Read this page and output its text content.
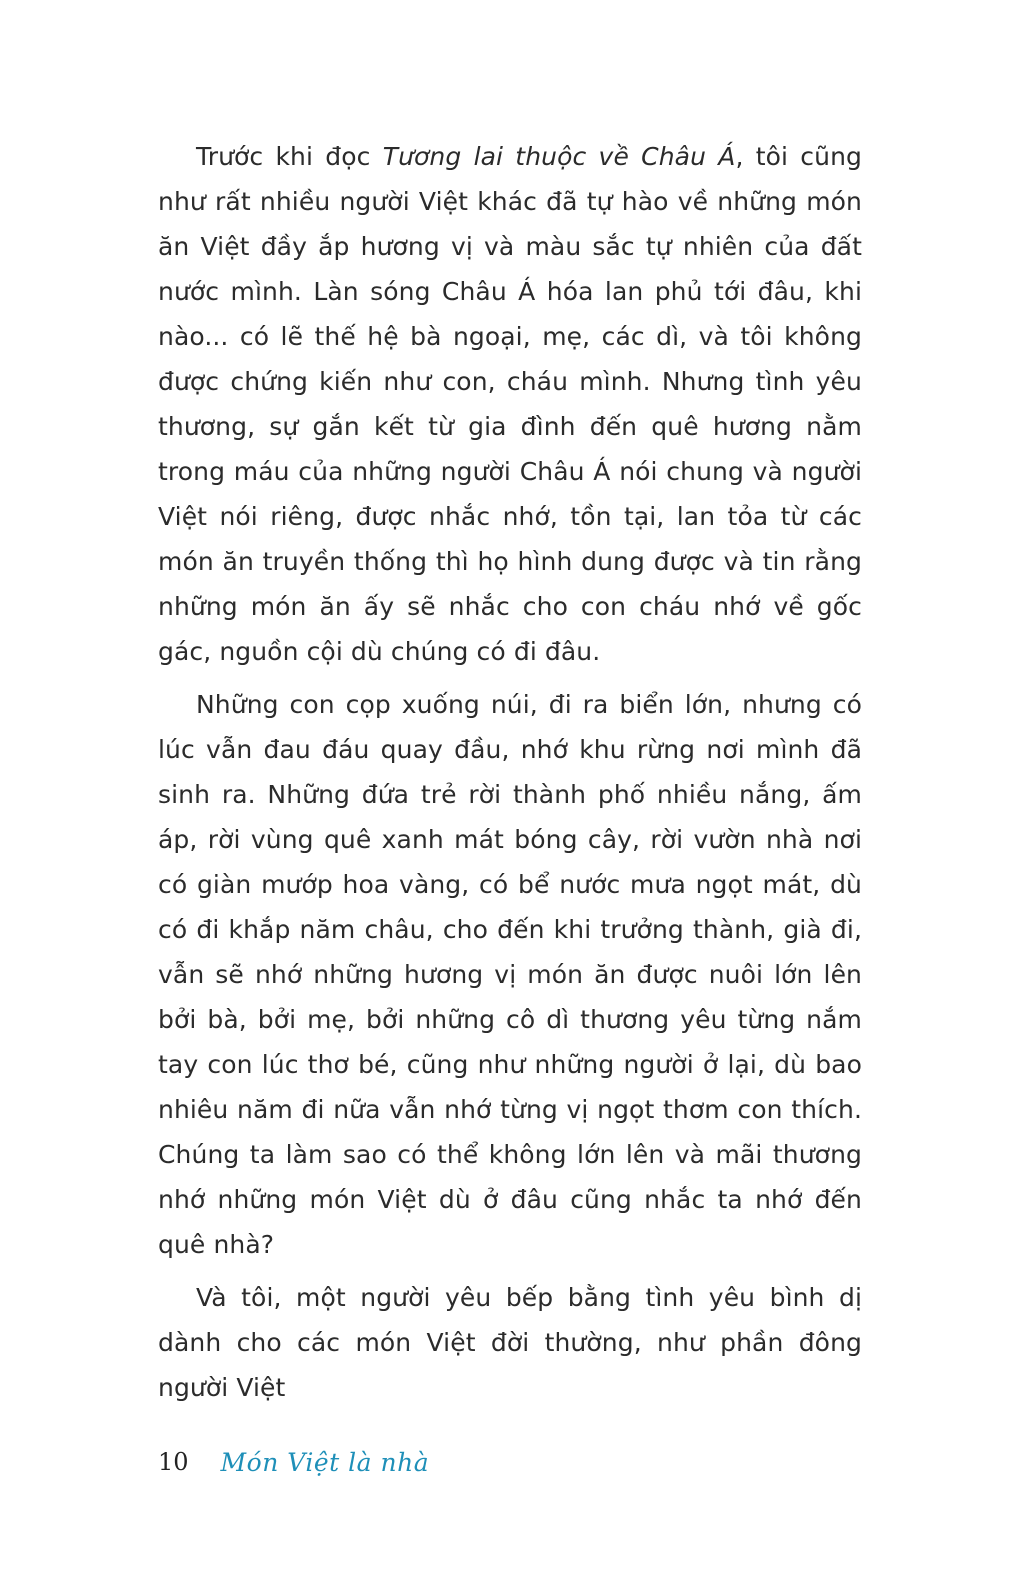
Trước khi đọc Tương lai thuộc về Châu Á, tôi cũng như rất nhiều người Việt khác đã tự hào về những món ăn Việt đầy ắp hương vị và màu sắc tự nhiên của đất nước mình. Làn sóng Châu Á hóa lan phủ tới đâu, khi nào... có lẽ thế hệ bà ngoại, mẹ, các dì, và tôi không được chứng kiến như con, cháu mình. Nhưng tình yêu thương, sự gắn kết từ gia đình đến quê hương nằm trong máu của những người Châu Á nói chung và người Việt nói riêng, được nhắc nhớ, tồn tại, lan tỏa từ các món ăn truyền thống thì họ hình dung được và tin rằng những món ăn ấy sẽ nhắc cho con cháu nhớ về gốc gác, nguồn cội dù chúng có đi đâu.

Những con cọp xuống núi, đi ra biển lớn, nhưng có lúc vẫn đau đáu quay đầu, nhớ khu rừng nơi mình đã sinh ra. Những đứa trẻ rời thành phố nhiều nắng, ấm áp, rời vùng quê xanh mát bóng cây, rời vườn nhà nơi có giàn mướp hoa vàng, có bể nước mưa ngọt mát, dù có đi khắp năm châu, cho đến khi trưởng thành, già đi, vẫn sẽ nhớ những hương vị món ăn được nuôi lớn lên bởi bà, bởi mẹ, bởi những cô dì thương yêu từng nắm tay con lúc thơ bé, cũng như những người ở lại, dù bao nhiêu năm đi nữa vẫn nhớ từng vị ngọt thơm con thích. Chúng ta làm sao có thể không lớn lên và mãi thương nhớ những món Việt dù ở đâu cũng nhắc ta nhớ đến quê nhà?

Và tôi, một người yêu bếp bằng tình yêu bình dị dành cho các món Việt đời thường, như phần đông người Việt

10 Món Việt là nhà
